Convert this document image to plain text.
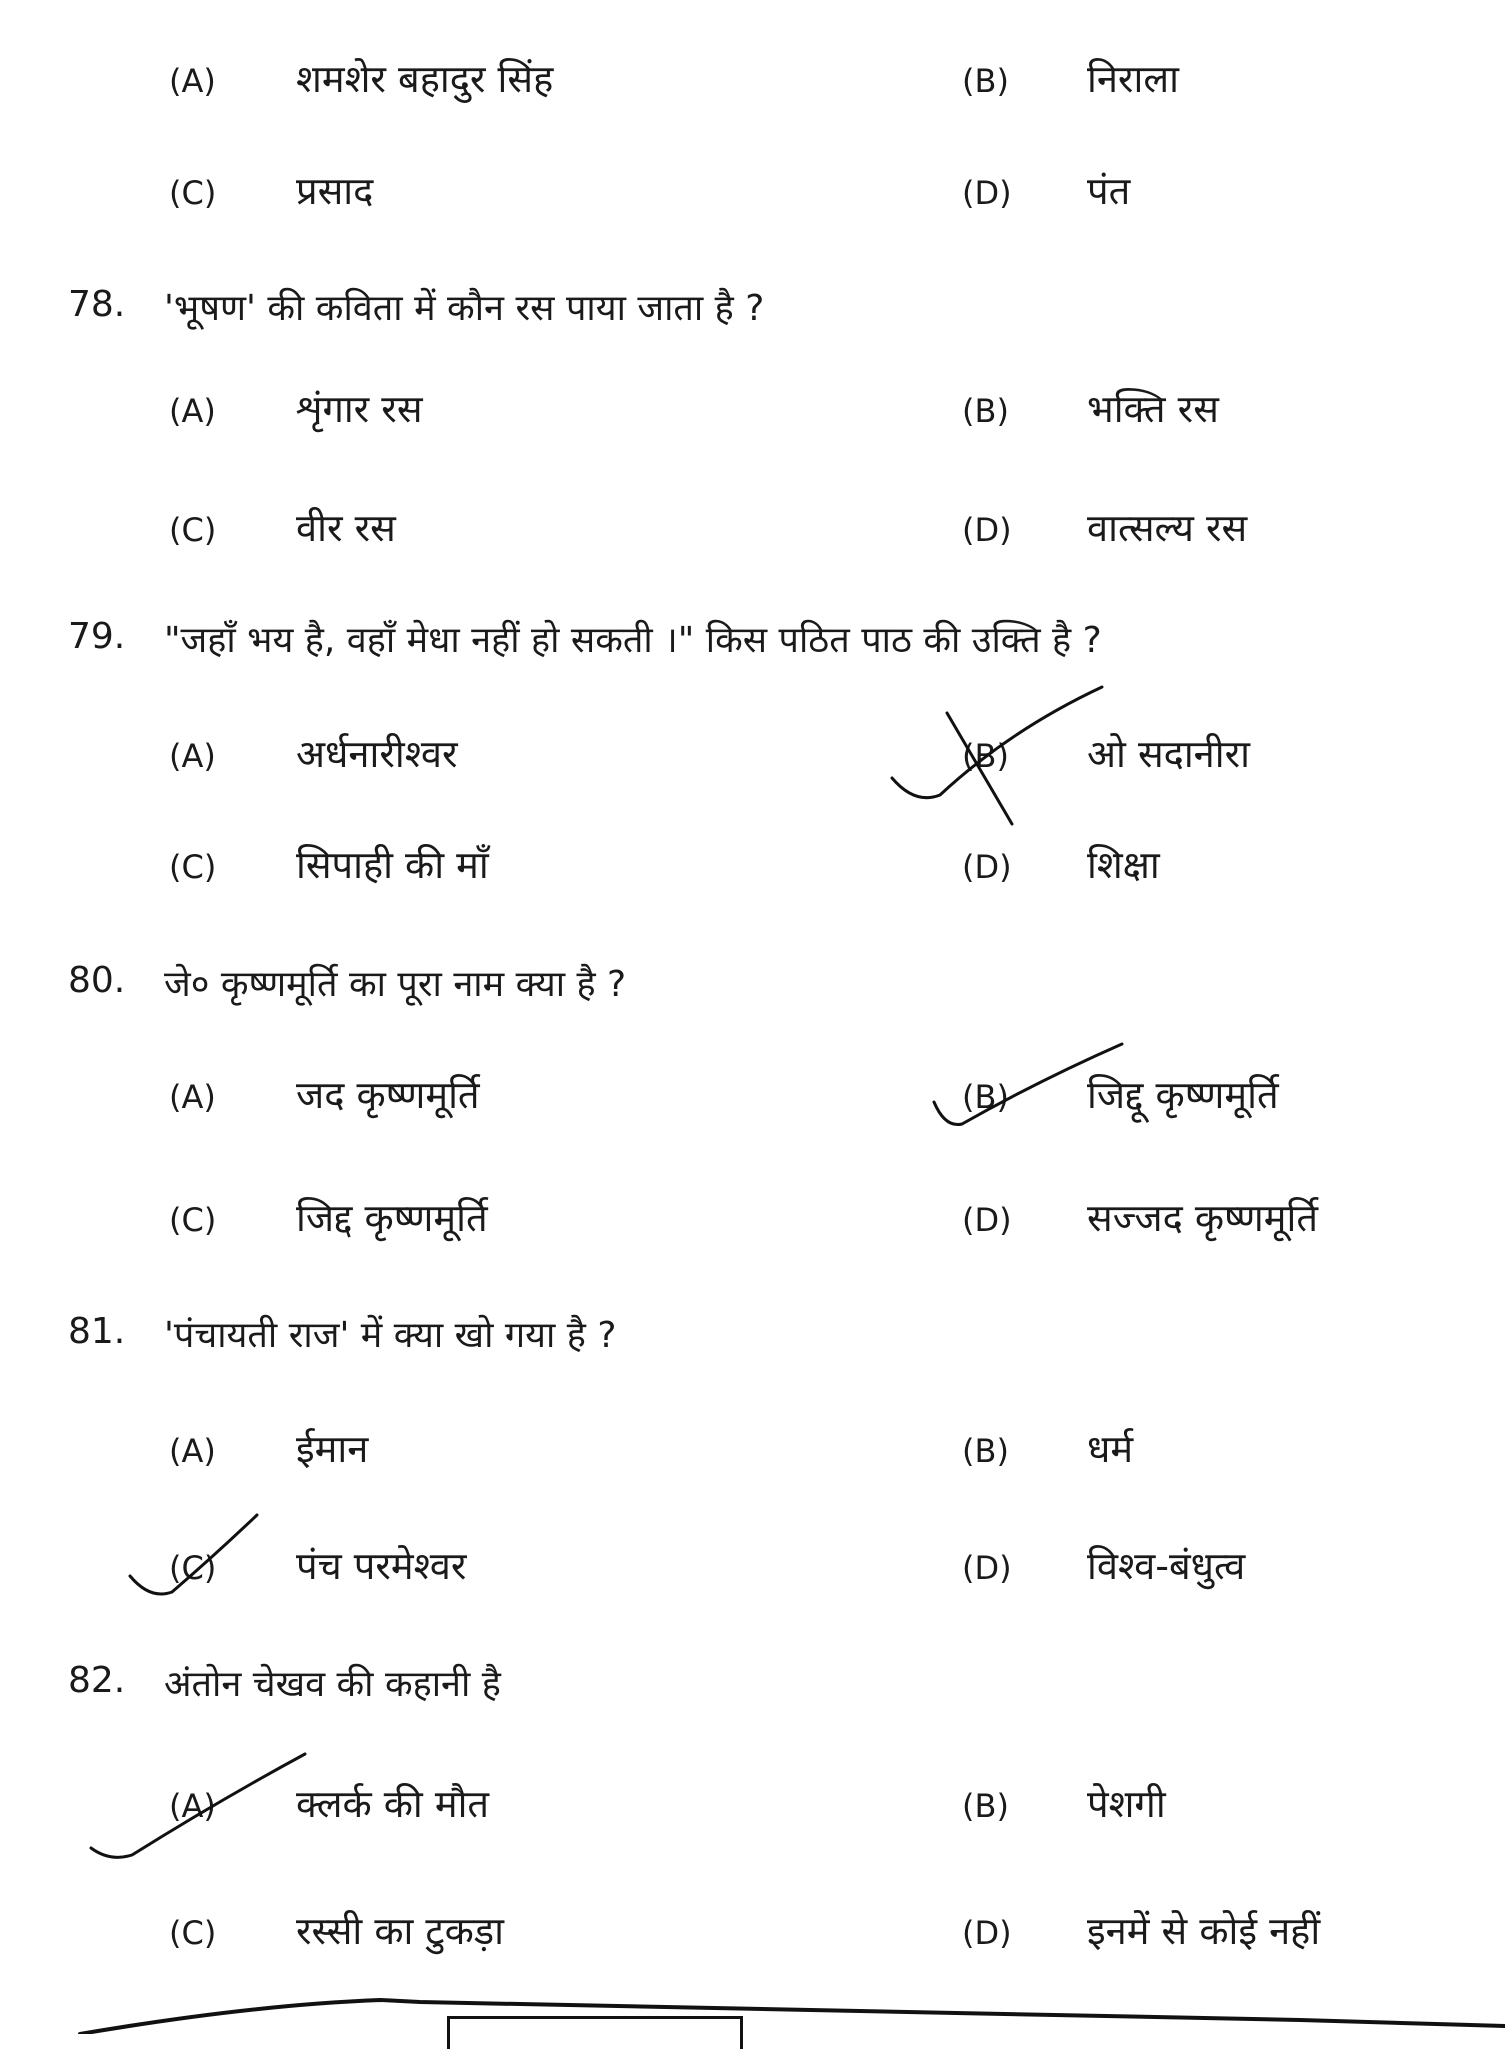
(A) शमशेर बहादुर सिंह	(B) निराला
(C) प्रसाद	(D) पंत
78. 'भूषण' की कविता में कौन रस पाया जाता है ?
(A) शृंगार रस	(B) भक्ति रस
(C) वीर रस	(D) वात्सल्य रस
79. "जहाँ भय है, वहाँ मेधा नहीं हो सकती ।" किस पठित पाठ की उक्ति है ?
(A) अर्धनारीश्वर	(B) ओ सदानीरा
(C) सिपाही की माँ	(D) शिक्षा
80. जे० कृष्णमूर्ति का पूरा नाम क्या है ?
(A) जद कृष्णमूर्ति	(B) जिद्दू कृष्णमूर्ति
(C) जिद्द कृष्णमूर्ति	(D) सज्जद कृष्णमूर्ति
81. 'पंचायती राज' में क्या खो गया है ?
(A) ईमान	(B) धर्म
(C) पंच परमेश्वर	(D) विश्व-बंधुत्व
82. अंतोन चेखव की कहानी है
(A) क्लर्क की मौत	(B) पेशगी
(C) रस्सी का टुकड़ा	(D) इनमें से कोई नहीं
